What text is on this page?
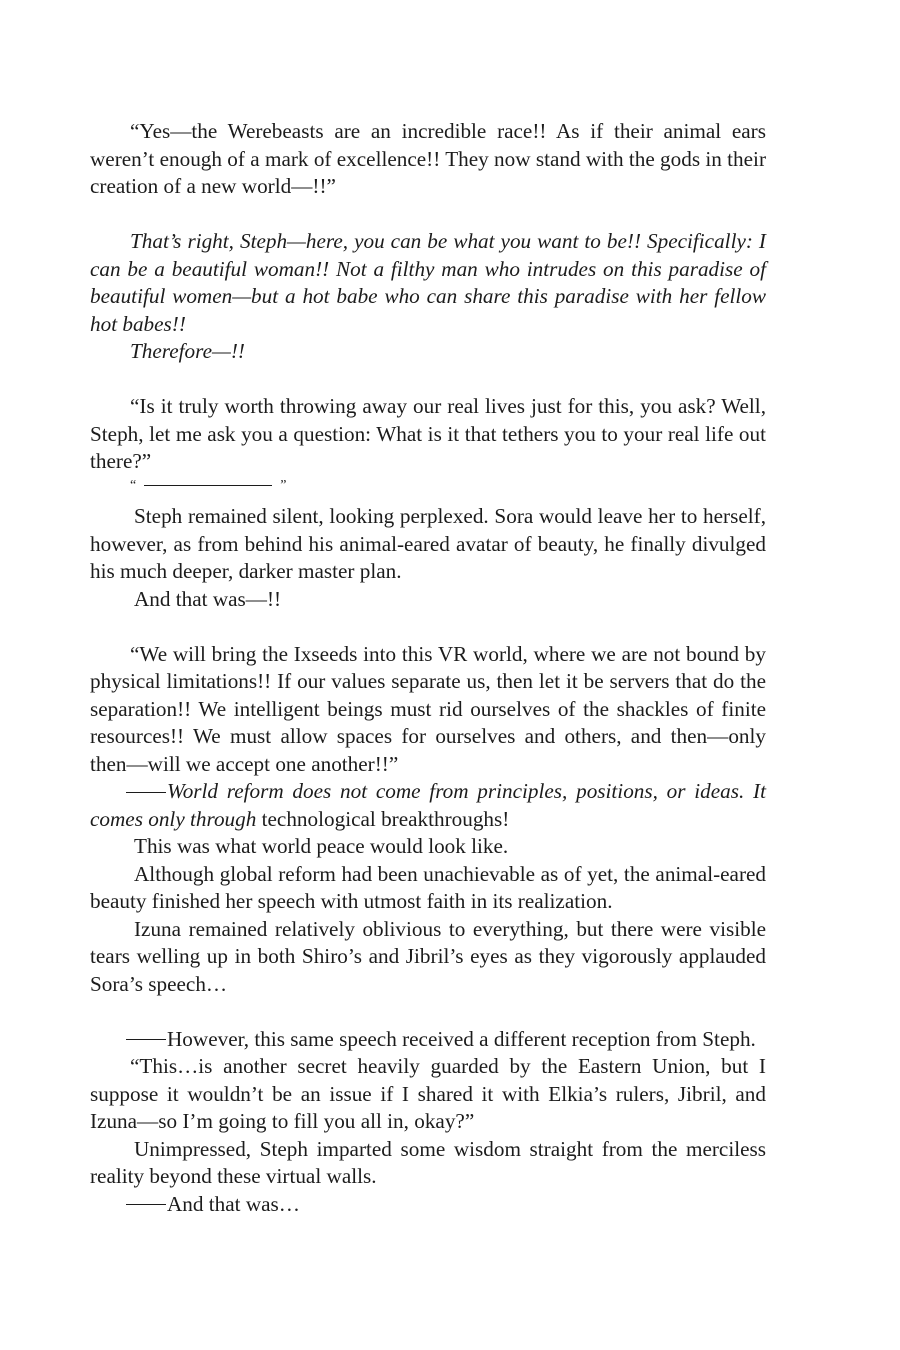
“Yes—the Werebeasts are an incredible race!! As if their animal ears weren’t enough of a mark of excellence!! They now stand with the gods in their creation of a new world—!!”

That’s right, Steph—here, you can be what you want to be!! Specifically: I can be a beautiful woman!! Not a filthy man who intrudes on this paradise of beautiful women—but a hot babe who can share this paradise with her fellow hot babes!!

Therefore—!!

“Is it truly worth throwing away our real lives just for this, you ask? Well, Steph, let me ask you a question: What is it that tethers you to your real life out there?”

“	”

Steph remained silent, looking perplexed. Sora would leave her to herself, however, as from behind his animal-eared avatar of beauty, he finally divulged his much deeper, darker master plan.

And that was—!!

“We will bring the Ixseeds into this VR world, where we are not bound by physical limitations!! If our values separate us, then let it be servers that do the separation!! We intelligent beings must rid ourselves of the shackles of finite resources!! We must allow spaces for ourselves and others, and then—only then—will we accept one another!!”

World reform does not come from principles, positions, or ideas. It comes only through technological breakthroughs!

This was what world peace would look like.

Although global reform had been unachievable as of yet, the animal-eared beauty finished her speech with utmost faith in its realization.

Izuna remained relatively oblivious to everything, but there were visible tears welling up in both Shiro’s and Jibril’s eyes as they vigorously applauded Sora’s speech…

However, this same speech received a different reception from Steph.

“This…is another secret heavily guarded by the Eastern Union, but I suppose it wouldn’t be an issue if I shared it with Elkia’s rulers, Jibril, and Izuna—so I’m going to fill you all in, okay?”

Unimpressed, Steph imparted some wisdom straight from the merciless reality beyond these virtual walls.

And that was…
